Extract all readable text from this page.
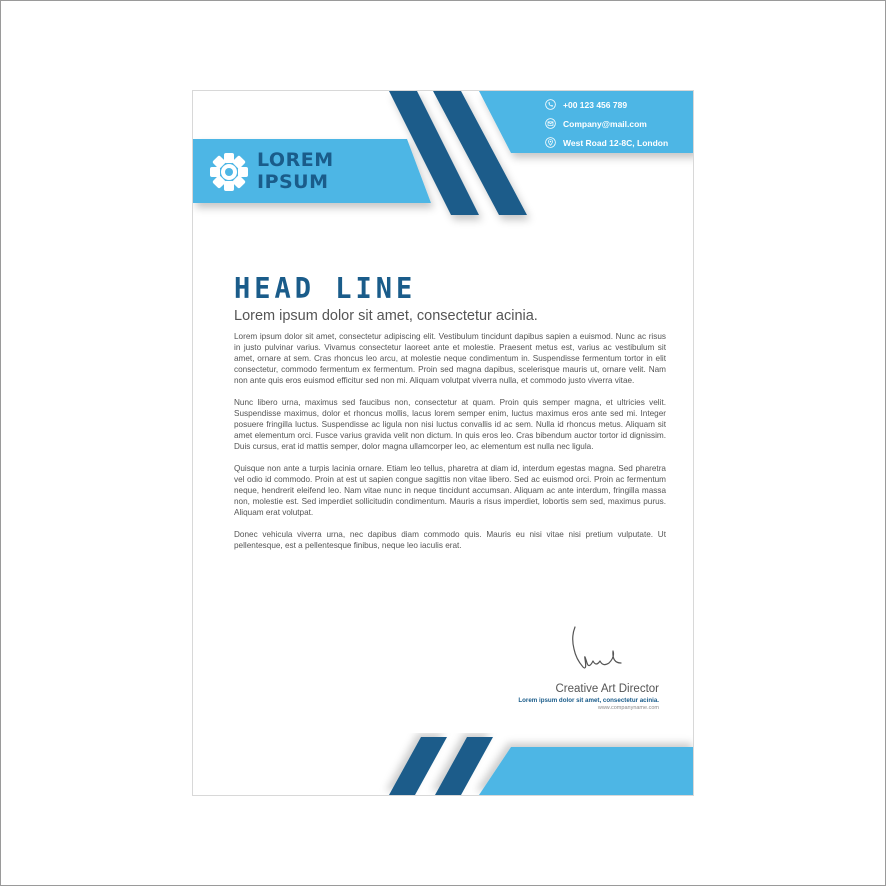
LOREM
IPSUM
+00 123 456 789
Company@mail.com
West Road 12-8C, London
HEAD LINE
Lorem ipsum dolor sit amet, consectetur acinia.

Lorem ipsum dolor sit amet, consectetur adipiscing elit. Vestibulum tincidunt dapibus sapien a euismod. Nunc ac risus in justo pulvinar varius. Vivamus consectetur laoreet ante et molestie. Praesent metus est, varius ac vestibulum sit amet, ornare at sem. Cras rhoncus leo arcu, at molestie neque condimentum in. Suspendisse fermentum tortor in elit consectetur, commodo fermentum ex fermentum. Proin sed magna dapibus, scelerisque mauris ut, ornare velit. Nam non ante quis eros euismod efficitur sed non mi. Aliquam volutpat viverra nulla, et commodo justo viverra vitae.

Nunc libero urna, maximus sed faucibus non, consectetur at quam. Proin quis semper magna, et ultricies velit. Suspendisse maximus, dolor et rhoncus mollis, lacus lorem semper enim, luctus maximus eros ante sed mi. Integer posuere fringilla luctus. Suspendisse ac ligula non nisi luctus convallis id ac sem. Nulla id rhoncus metus. Aliquam sit amet elementum orci. Fusce varius gravida velit non dictum. In quis eros leo. Cras bibendum auctor tortor id dignissim. Duis cursus, erat id mattis semper, dolor magna ullamcorper leo, ac elementum est nulla nec ligula.

Quisque non ante a turpis lacinia ornare. Etiam leo tellus, pharetra at diam id, interdum egestas magna. Sed pharetra vel odio id commodo. Proin at est ut sapien congue sagittis non vitae libero. Sed ac euismod orci. Proin ac fermentum neque, hendrerit eleifend leo. Nam vitae nunc in neque tincidunt accumsan. Aliquam ac ante interdum, fringilla massa non, molestie est. Sed imperdiet sollicitudin condimentum. Mauris a risus imperdiet, lobortis sem sed, maximus purus. Aliquam erat volutpat.

Donec vehicula viverra urna, nec dapibus diam commodo quis. Mauris eu nisi vitae nisi pretium vulputate. Ut pellentesque, est a pellentesque finibus, neque leo iaculis erat.

Creative Art Director
Lorem ipsum dolor sit amet, consectetur acinia.
www.companyname.com
